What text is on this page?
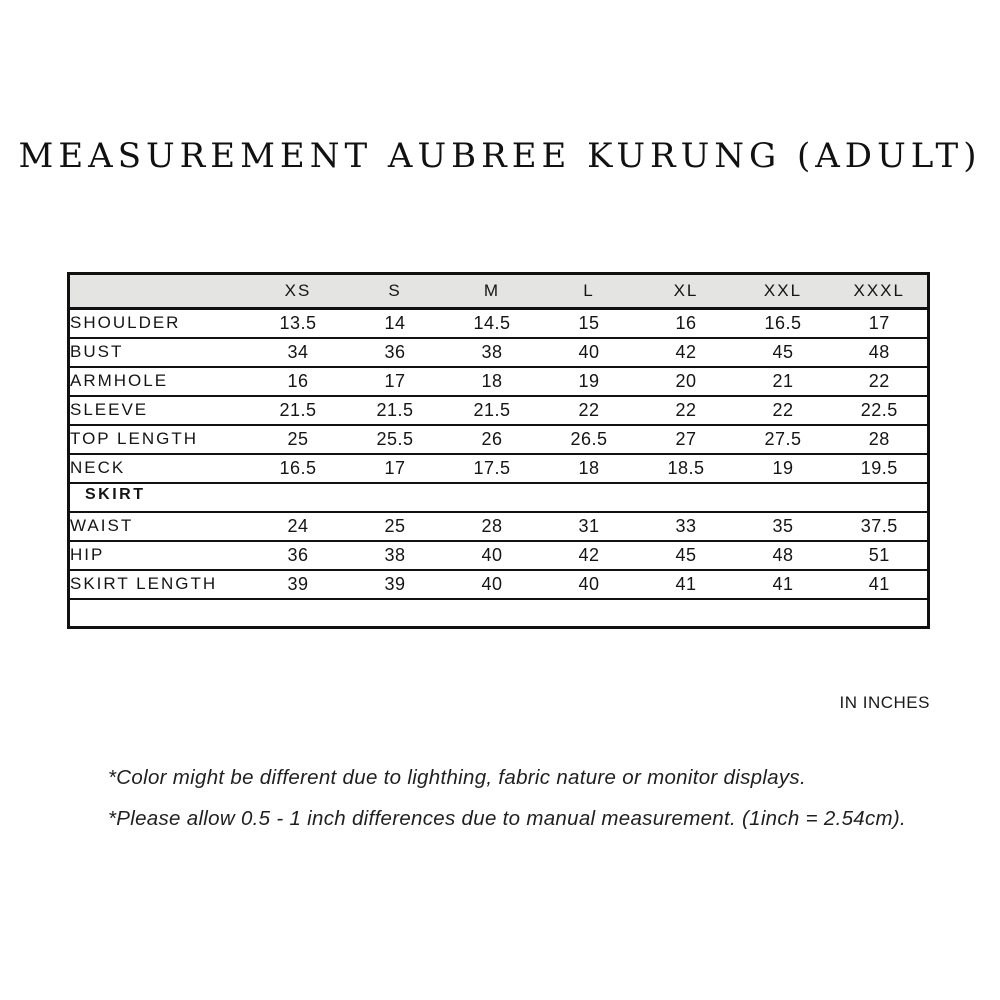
MEASUREMENT AUBREE KURUNG (ADULT)
	XS	S	M	L	XL	XXL	XXXL
SHOULDER	13.5	14	14.5	15	16	16.5	17
BUST	34	36	38	40	42	45	48
ARMHOLE	16	17	18	19	20	21	22
SLEEVE	21.5	21.5	21.5	22	22	22	22.5
TOP LENGTH	25	25.5	26	26.5	27	27.5	28
NECK	16.5	17	17.5	18	18.5	19	19.5
SKIRT							
WAIST	24	25	28	31	33	35	37.5
HIP	36	38	40	42	45	48	51
SKIRT LENGTH	39	39	40	40	41	41	41

IN INCHES

*Color might be different due to lighthing, fabric nature or monitor displays.

*Please allow 0.5 - 1 inch differences due to manual measurement. (1inch = 2.54cm).
